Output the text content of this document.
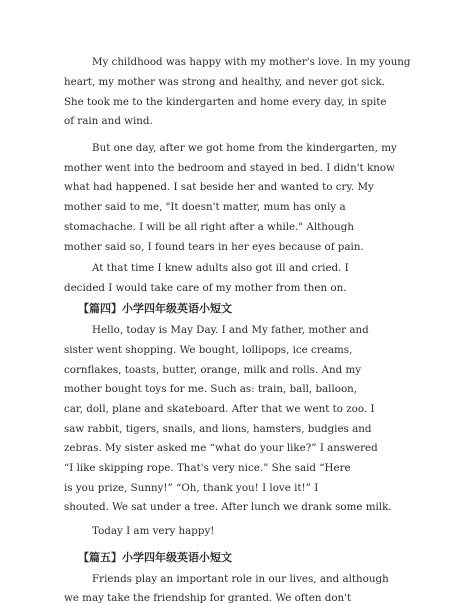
My childhood was happy with my mother's love. In my young
heart, my mother was strong and healthy, and never got sick.
She took me to the kindergarten and home every day, in spite
of rain and wind.
But one day, after we got home from the kindergarten, my
mother went into the bedroom and stayed in bed. I didn't know
what had happened. I sat beside her and wanted to cry. My
mother said to me, "It doesn't matter, mum has only a
stomachache. I will be all right after a while." Although
mother said so, I found tears in her eyes because of pain.
At that time I knew adults also got ill and cried. I
decided I would take care of my mother from then on.
【篇四】小学四年级英语小短文
Hello, today is May Day. I and My father, mother and
sister went shopping. We bought, lollipops, ice creams,
cornflakes, toasts, butter, orange, milk and rolls. And my
mother bought toys for me. Such as: train, ball, balloon,
car, doll, plane and skateboard. After that we went to zoo. I
saw rabbit, tigers, snails, and lions, hamsters, budgies and
zebras. My sister asked me “what do your like?” I answered
“I like skipping rope. That's very nice.” She said “Here
is you prize, Sunny!” “Oh, thank you! I love it!” I
shouted. We sat under a tree. After lunch we drank some milk.
Today I am very happy!
【篇五】小学四年级英语小短文
Friends play an important role in our lives, and although
we may take the friendship for granted. We often don't
